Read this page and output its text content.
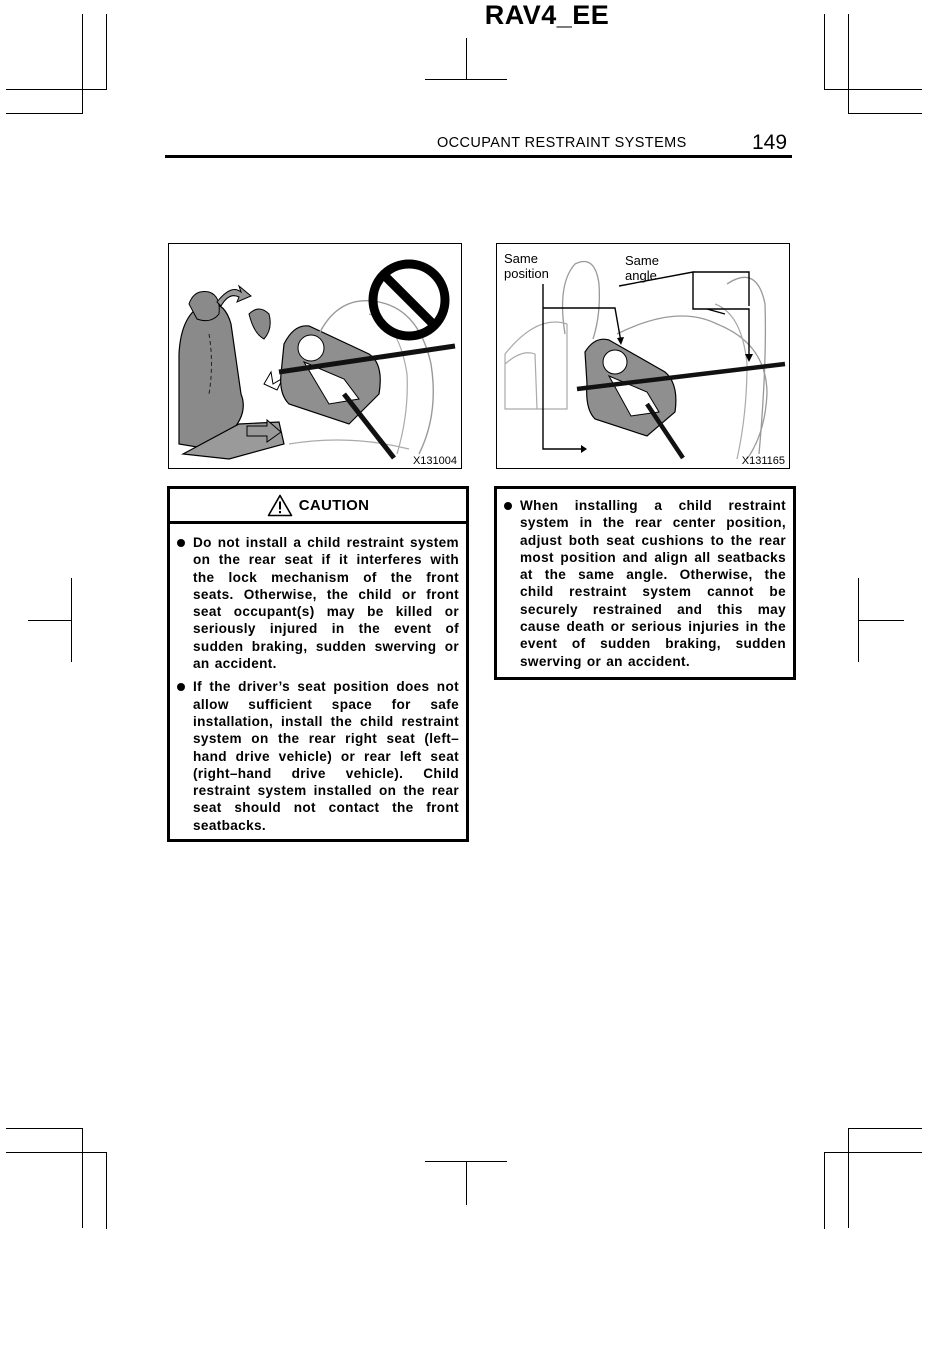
RAV4_EE
OCCUPANT RESTRAINT SYSTEMS	149
X131004
Same position
Same angle
X131165
CAUTION
Do not install a child restraint system on the rear seat if it interferes with the lock mechanism of the front seats. Otherwise, the child or front seat occupant(s) may be killed or seriously injured in the event of sudden braking, sudden swerving or an accident.
If the driver’s seat position does not allow sufficient space for safe installation, install the child restraint system on the rear right seat (left–hand drive vehicle) or rear left seat (right–hand drive vehicle). Child restraint system installed on the rear seat should not contact the front seatbacks.
When installing a child restraint system in the rear center position, adjust both seat cushions to the rear most position and align all seatbacks at the same angle. Otherwise, the child restraint system cannot be securely restrained and this may cause death or serious injuries in the event of sudden braking, sudden swerving or an accident.
